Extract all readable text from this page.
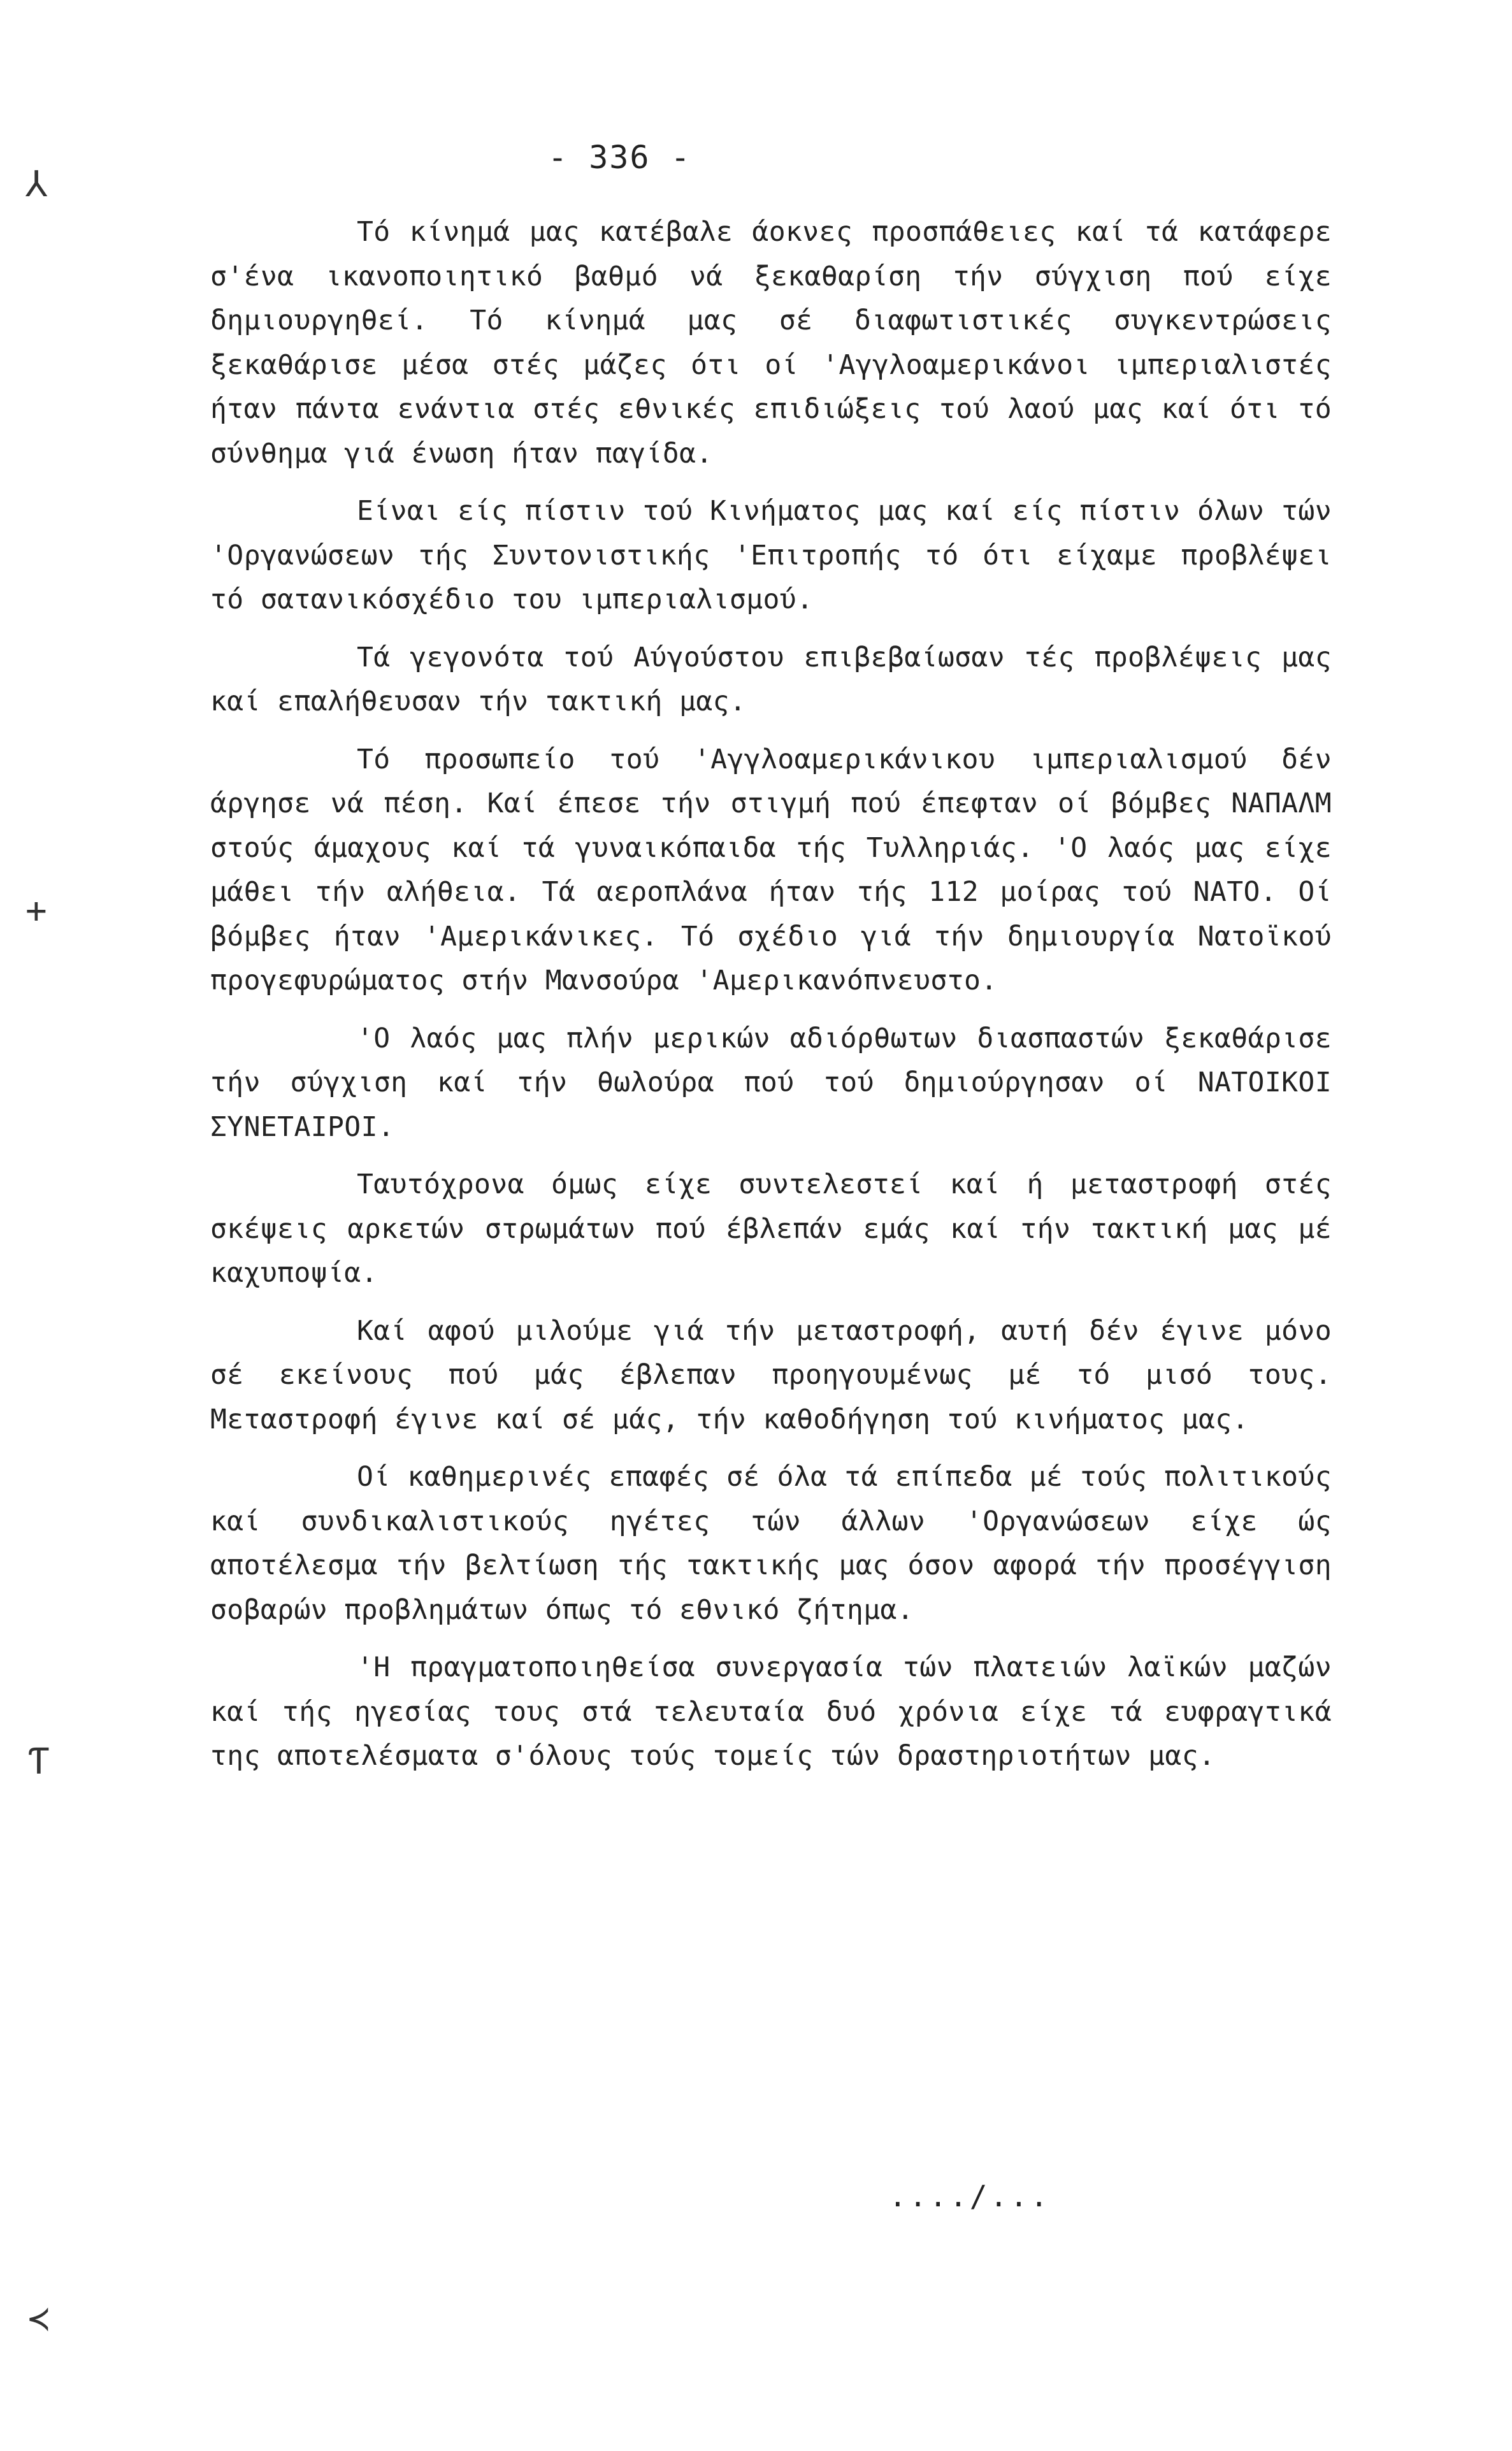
- 336 -
⅄
+
Ƭ
≺

Τό κίνημά μας κατέβαλε άοκνες προσπάθειες καί τά κατάφερε σ'ένα ικανοποιητικό βαθμό νά ξεκαθαρίση τήν σύγχιση πού είχε δημιουργηθεί. Τό κίνημά μας σέ διαφωτιστικές συγκεντρώσεις ξεκαθάρισε μέσα στές μάζες ότι οί 'Αγγλοαμερικάνοι ιμπεριαλιστές ήταν πάντα ενάντια στές εθνικές επιδιώξεις τού λαού μας καί ότι τό σύνθημα γιά ένωση ήταν παγίδα.

Είναι είς πίστιν τού Κινήματος μας καί είς πίστιν όλων τών 'Οργανώσεων τής Συντονιστικής 'Επιτροπής τό ότι είχαμε προβλέψει τό σατανικόσχέδιο του ιμπεριαλισμού.

Τά γεγονότα τού Αύγούστου επιβεβαίωσαν τές προβλέψεις μας καί επαλήθευσαν τήν τακτική μας.

Τό προσωπείο τού 'Αγγλοαμερικάνικου ιμπεριαλισμού δέν άργησε νά πέση. Καί έπεσε τήν στιγμή πού έπεφταν οί βόμβες ΝΑΠΑΛΜ στούς άμαχους καί τά γυναικόπαιδα τής Τυλληριάς. 'Ο λαός μας είχε μάθει τήν αλήθεια. Τά αεροπλάνα ήταν τής 112 μοίρας τού ΝΑΤΟ. Οί βόμβες ήταν 'Αμερικάνικες. Τό σχέδιο γιά τήν δημιουργία Νατοϊκού προγεφυρώματος στήν Μανσούρα 'Αμερικανόπνευστο.

'Ο λαός μας πλήν μερικών αδιόρθωτων διασπαστών ξεκαθάρισε τήν σύγχιση καί τήν θωλούρα πού τού δημιούργησαν οί ΝΑΤΟΙΚΟΙ ΣΥΝΕΤΑΙΡΟΙ.

Ταυτόχρονα όμως είχε συντελεστεί καί ή μεταστροφή στές σκέψεις αρκετών στρωμάτων πού έβλεπάν εμάς καί τήν τακτική μας μέ καχυποψία.

Καί αφού μιλούμε γιά τήν μεταστροφή, αυτή δέν έγινε μόνο σέ εκείνους πού μάς έβλεπαν προηγουμένως μέ τό μισό τους. Μεταστροφή έγινε καί σέ μάς, τήν καθοδήγηση τού κινήματος μας.

Οί καθημερινές επαφές σέ όλα τά επίπεδα μέ τούς πολιτικούς καί συνδικαλιστικούς ηγέτες τών άλλων 'Οργανώσεων είχε ώς αποτέλεσμα τήν βελτίωση τής τακτικής μας όσον αφορά τήν προσέγγιση σοβαρών προβλημάτων όπως τό εθνικό ζήτημα.

'Η πραγματοποιηθείσα συνεργασία τών πλατειών λαϊκών μαζών καί τής ηγεσίας τους στά τελευταία δυό χρόνια είχε τά ευφραγτικά της αποτελέσματα σ'όλους τούς τομείς τών δραστηριοτήτων μας.

..../...
